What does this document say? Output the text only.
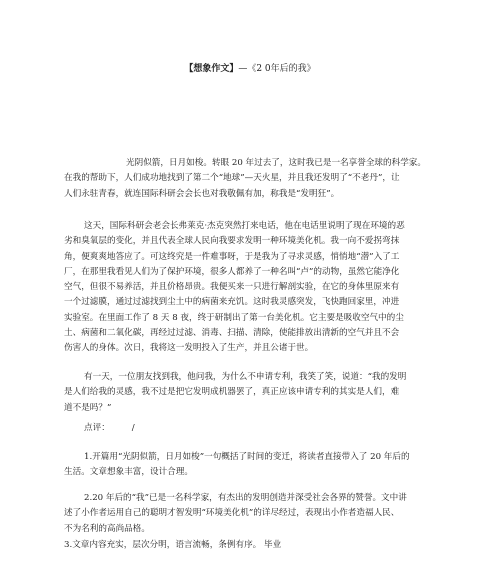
【想象作文】—《2 0年后的我》

光阴似箭，日月如梭。转眼 20 年过去了，这时我已是一名享誉全球的科学家。
在我的帮助下，人们成功地找到了第二个“地球”—天火星，并且我还发明了“不老丹”，让
人们永驻青春，就连国际科研会会长也对我敬佩有加，称我是“发明狂”。

这天，国际科研会老会长弗莱克·杰克突然打来电话，他在电话里说明了现在环境的恶
劣和臭氧层的变化，并且代表全球人民向我要求发明一种环境美化机。我一向不爱拐弯抹
角，便爽爽地答应了。可这终究是一件难事呀，于是我为了寻求灵感，悄悄地“潜”入了工
厂，在那里我看见人们为了保护环境，很多人都养了一种名叫“卢”的动物，虽然它能净化
空气，但很不易养活，并且价格昂贵。我便买来一只进行解剖实验，在它的身体里原来有
一个过滤膜，通过过滤找到尘土中的病菌来充饥。这时我灵感突发，飞快跑回家里，冲进
实验室。在里面工作了 8 天 8 夜，终于研制出了第一台美化机。它主要是吸收空气中的尘
土、病菌和二氧化碳，再经过过滤、消毒、扫描、清除，使能排放出清新的空气并且不会
伤害人的身体。次日，我将这一发明投入了生产，并且公诸于世。

有一天，一位朋友找到我，他问我，为什么不申请专利，我笑了笑，说道：“我的发明
是人们给我的灵感，我不过是把它发明成机器罢了，真正应该申请专利的其实是人们，难
道不是吗？”

点评：	/

1.开篇用“光阴似箭，日月如梭”一句概括了时间的变迁，将读者直接带入了 20 年后的
生活。文章想象丰富，设计合理。

2.20 年后的“我”已是一名科学家，有杰出的发明创造并深受社会各界的赞誉。文中讲
述了小作者运用自己的聪明才智发明“环境美化机”的详尽经过，表现出小作者造福人民、
不为名利的高尚品格。

3.文章内容充实，层次分明，语言流畅，条例有序。 毕业
